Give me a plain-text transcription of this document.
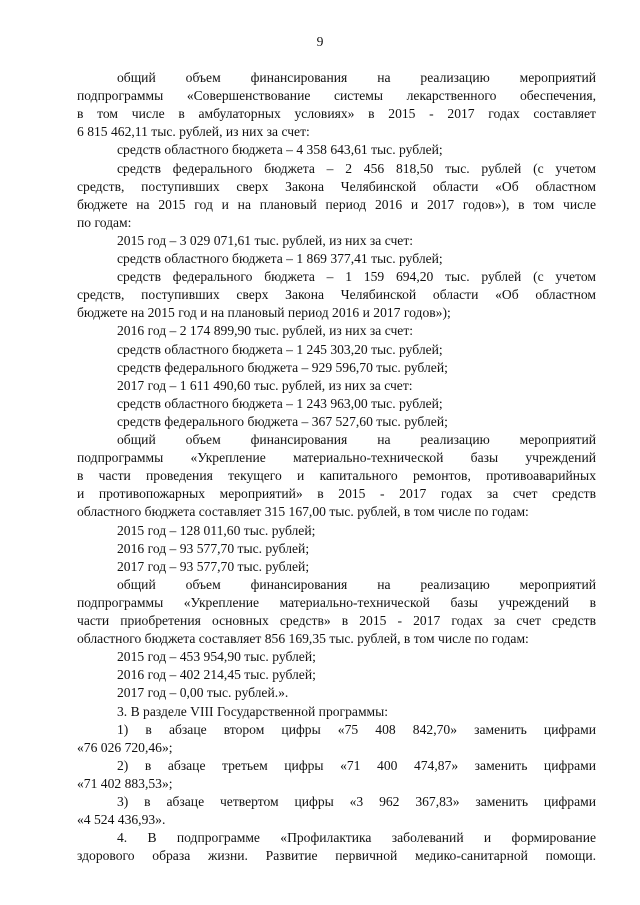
9
общий объем финансирования на реализацию мероприятий
подпрограммы «Совершенствование системы лекарственного обеспечения,
в том числе в амбулаторных условиях» в 2015 - 2017 годах составляет
6 815 462,11 тыс. рублей, из них за счет:
средств областного бюджета – 4 358 643,61 тыс. рублей;
средств федерального бюджета – 2 456 818,50 тыс. рублей (с учетом
средств, поступивших сверх Закона Челябинской области «Об областном
бюджете на 2015 год и на плановый период 2016 и 2017 годов»), в том числе
по годам:
2015 год – 3 029 071,61 тыс. рублей, из них за счет:
средств областного бюджета – 1 869 377,41 тыс. рублей;
средств федерального бюджета – 1 159 694,20 тыс. рублей (с учетом
средств, поступивших сверх Закона Челябинской области «Об областном
бюджете на 2015 год и на плановый период 2016 и 2017 годов»);
2016 год – 2 174 899,90 тыс. рублей, из них за счет:
средств областного бюджета – 1 245 303,20 тыс. рублей;
средств федерального бюджета – 929 596,70 тыс. рублей;
2017 год – 1 611 490,60 тыс. рублей, из них за счет:
средств областного бюджета – 1 243 963,00 тыс. рублей;
средств федерального бюджета – 367 527,60 тыс. рублей;
общий объем финансирования на реализацию мероприятий
подпрограммы «Укрепление материально-технической базы учреждений
в части проведения текущего и капитального ремонтов, противоаварийных
и противопожарных мероприятий» в 2015 - 2017 годах за счет средств
областного бюджета составляет 315 167,00 тыс. рублей, в том числе по годам:
2015 год – 128 011,60 тыс. рублей;
2016 год – 93 577,70 тыс. рублей;
2017 год – 93 577,70 тыс. рублей;
общий объем финансирования на реализацию мероприятий
подпрограммы «Укрепление материально-технической базы учреждений в
части приобретения основных средств» в 2015 - 2017 годах за счет средств
областного бюджета составляет 856 169,35 тыс. рублей, в том числе по годам:
2015 год – 453 954,90 тыс. рублей;
2016 год – 402 214,45 тыс. рублей;
2017 год – 0,00 тыс. рублей.».
3. В разделе VIII Государственной программы:
1) в абзаце втором цифры «75 408 842,70» заменить цифрами
«76 026 720,46»;
2) в абзаце третьем цифры «71 400 474,87» заменить цифрами
«71 402 883,53»;
3) в абзаце четвертом цифры «3 962 367,83» заменить цифрами
«4 524 436,93».
4. В подпрограмме «Профилактика заболеваний и формирование
здорового образа жизни. Развитие первичной медико-санитарной помощи.
